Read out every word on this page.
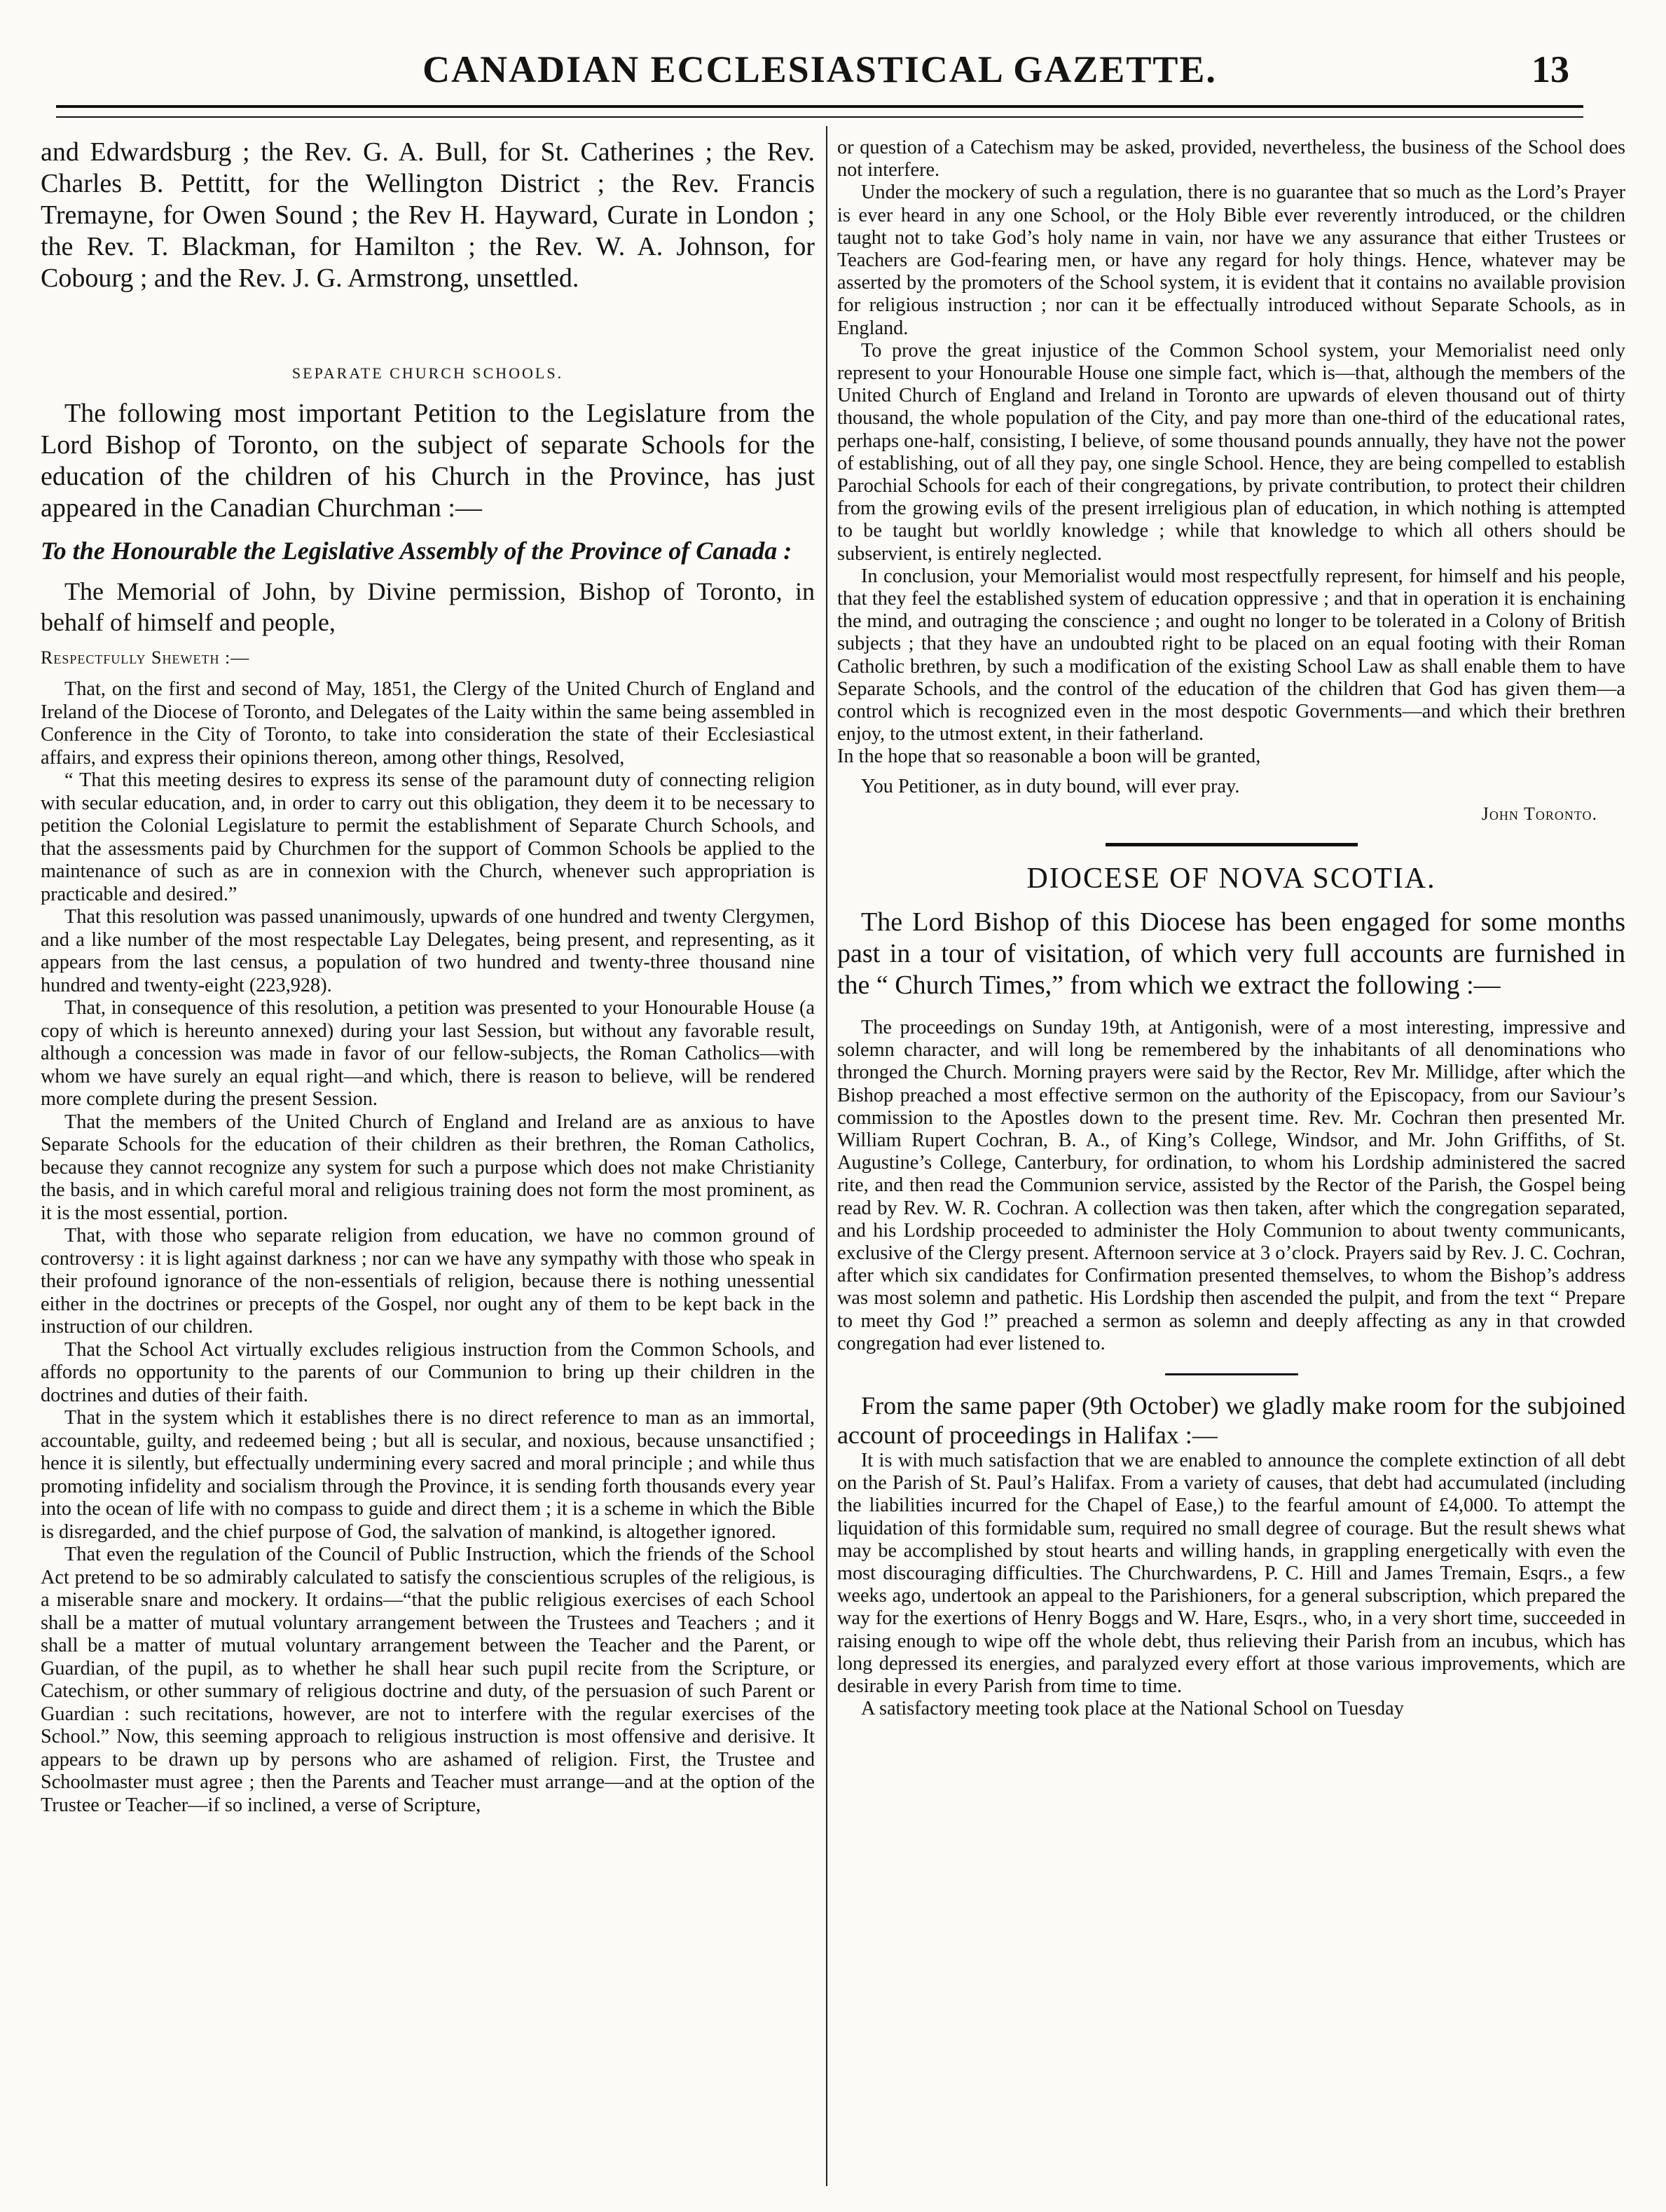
CANADIAN ECCLESIASTICAL GAZETTE.	13

and Edwardsburg ; the Rev. G. A. Bull, for St. Catherines ; the Rev. Charles B. Pettitt, for the Wellington District ; the Rev. Francis Tremayne, for Owen Sound ; the Rev H. Hayward, Curate in London ; the Rev. T. Blackman, for Hamilton ; the Rev. W. A. Johnson, for Cobourg ; and the Rev. J. G. Armstrong, unsettled.

SEPARATE CHURCH SCHOOLS.

The following most important Petition to the Legislature from the Lord Bishop of Toronto, on the subject of separate Schools for the education of the children of his Church in the Province, has just appeared in the Canadian Churchman :—

To the Honourable the Legislative Assembly of the Province of Canada :

The Memorial of John, by Divine permission, Bishop of Toronto, in behalf of himself and people,

Respectfully Sheweth :—

That, on the first and second of May, 1851, the Clergy of the United Church of England and Ireland of the Diocese of Toronto, and Delegates of the Laity within the same being assembled in Conference in the City of Toronto, to take into consideration the state of their Ecclesiastical affairs, and express their opinions thereon, among other things, Resolved,

“ That this meeting desires to express its sense of the paramount duty of connecting religion with secular education, and, in order to carry out this obligation, they deem it to be necessary to petition the Colonial Legislature to permit the establishment of Separate Church Schools, and that the assessments paid by Churchmen for the support of Common Schools be applied to the maintenance of such as are in connexion with the Church, whenever such appropriation is practicable and desired.”

That this resolution was passed unanimously, upwards of one hundred and twenty Clergymen, and a like number of the most respectable Lay Delegates, being present, and representing, as it appears from the last census, a population of two hundred and twenty-three thousand nine hundred and twenty-eight (223,928).

That, in consequence of this resolution, a petition was presented to your Honourable House (a copy of which is hereunto annexed) during your last Session, but without any favorable result, although a concession was made in favor of our fellow-subjects, the Roman Catholics—with whom we have surely an equal right—and which, there is reason to believe, will be rendered more complete during the present Session.

That the members of the United Church of England and Ireland are as anxious to have Separate Schools for the education of their children as their brethren, the Roman Catholics, because they cannot recognize any system for such a purpose which does not make Christianity the basis, and in which careful moral and religious training does not form the most prominent, as it is the most essential, portion.

That, with those who separate religion from education, we have no common ground of controversy : it is light against darkness ; nor can we have any sympathy with those who speak in their profound ignorance of the non-essentials of religion, because there is nothing unessential either in the doctrines or precepts of the Gospel, nor ought any of them to be kept back in the instruction of our children.

That the School Act virtually excludes religious instruction from the Common Schools, and affords no opportunity to the parents of our Communion to bring up their children in the doctrines and duties of their faith.

That in the system which it establishes there is no direct reference to man as an immortal, accountable, guilty, and redeemed being ; but all is secular, and noxious, because unsanctified ; hence it is silently, but effectually undermining every sacred and moral principle ; and while thus promoting infidelity and socialism through the Province, it is sending forth thousands every year into the ocean of life with no compass to guide and direct them ; it is a scheme in which the Bible is disregarded, and the chief purpose of God, the salvation of mankind, is altogether ignored.

That even the regulation of the Council of Public Instruction, which the friends of the School Act pretend to be so admirably calculated to satisfy the conscientious scruples of the religious, is a miserable snare and mockery. It ordains—“that the public religious exercises of each School shall be a matter of mutual voluntary arrangement between the Trustees and Teachers ; and it shall be a matter of mutual voluntary arrangement between the Teacher and the Parent, or Guardian, of the pupil, as to whether he shall hear such pupil recite from the Scripture, or Catechism, or other summary of religious doctrine and duty, of the persuasion of such Parent or Guardian : such recitations, however, are not to interfere with the regular exercises of the School.” Now, this seeming approach to religious instruction is most offensive and derisive. It appears to be drawn up by persons who are ashamed of religion. First, the Trustee and Schoolmaster must agree ; then the Parents and Teacher must arrange—and at the option of the Trustee or Teacher—if so inclined, a verse of Scripture,

or question of a Catechism may be asked, provided, nevertheless, the business of the School does not interfere.

Under the mockery of such a regulation, there is no guarantee that so much as the Lord’s Prayer is ever heard in any one School, or the Holy Bible ever reverently introduced, or the children taught not to take God’s holy name in vain, nor have we any assurance that either Trustees or Teachers are God-fearing men, or have any regard for holy things. Hence, whatever may be asserted by the promoters of the School system, it is evident that it contains no available provision for religious instruction ; nor can it be effectually introduced without Separate Schools, as in England.

To prove the great injustice of the Common School system, your Memorialist need only represent to your Honourable House one simple fact, which is—that, although the members of the United Church of England and Ireland in Toronto are upwards of eleven thousand out of thirty thousand, the whole population of the City, and pay more than one-third of the educational rates, perhaps one-half, consisting, I believe, of some thousand pounds annually, they have not the power of establishing, out of all they pay, one single School. Hence, they are being compelled to establish Parochial Schools for each of their congregations, by private contribution, to protect their children from the growing evils of the present irreligious plan of education, in which nothing is attempted to be taught but worldly knowledge ; while that knowledge to which all others should be subservient, is entirely neglected.

In conclusion, your Memorialist would most respectfully represent, for himself and his people, that they feel the established system of education oppressive ; and that in operation it is enchaining the mind, and outraging the conscience ; and ought no longer to be tolerated in a Colony of British subjects ; that they have an undoubted right to be placed on an equal footing with their Roman Catholic brethren, by such a modification of the existing School Law as shall enable them to have Separate Schools, and the control of the education of the children that God has given them—a control which is recognized even in the most despotic Governments—and which their brethren enjoy, to the utmost extent, in their fatherland.

In the hope that so reasonable a boon will be granted,

You Petitioner, as in duty bound, will ever pray.

John Toronto.

DIOCESE OF NOVA SCOTIA.

The Lord Bishop of this Diocese has been engaged for some months past in a tour of visitation, of which very full accounts are furnished in the “ Church Times,” from which we extract the following :—

The proceedings on Sunday 19th, at Antigonish, were of a most interesting, impressive and solemn character, and will long be remembered by the inhabitants of all denominations who thronged the Church. Morning prayers were said by the Rector, Rev Mr. Millidge, after which the Bishop preached a most effective sermon on the authority of the Episcopacy, from our Saviour’s commission to the Apostles down to the present time. Rev. Mr. Cochran then presented Mr. William Rupert Cochran, B. A., of King’s College, Windsor, and Mr. John Griffiths, of St. Augustine’s College, Canterbury, for ordination, to whom his Lordship administered the sacred rite, and then read the Communion service, assisted by the Rector of the Parish, the Gospel being read by Rev. W. R. Cochran. A collection was then taken, after which the congregation separated, and his Lordship proceeded to administer the Holy Communion to about twenty communicants, exclusive of the Clergy present. Afternoon service at 3 o’clock. Prayers said by Rev. J. C. Cochran, after which six candidates for Confirmation presented themselves, to whom the Bishop’s address was most solemn and pathetic. His Lordship then ascended the pulpit, and from the text “ Prepare to meet thy God !” preached a sermon as solemn and deeply affecting as any in that crowded congregation had ever listened to.

From the same paper (9th October) we gladly make room for the subjoined account of proceedings in Halifax :—

It is with much satisfaction that we are enabled to announce the complete extinction of all debt on the Parish of St. Paul’s Halifax. From a variety of causes, that debt had accumulated (including the liabilities incurred for the Chapel of Ease,) to the fearful amount of £4,000. To attempt the liquidation of this formidable sum, required no small degree of courage. But the result shews what may be accomplished by stout hearts and willing hands, in grappling energetically with even the most discouraging difficulties. The Churchwardens, P. C. Hill and James Tremain, Esqrs., a few weeks ago, undertook an appeal to the Parishioners, for a general subscription, which prepared the way for the exertions of Henry Boggs and W. Hare, Esqrs., who, in a very short time, succeeded in raising enough to wipe off the whole debt, thus relieving their Parish from an incubus, which has long depressed its energies, and paralyzed every effort at those various improvements, which are desirable in every Parish from time to time.

A satisfactory meeting took place at the National School on Tuesday
